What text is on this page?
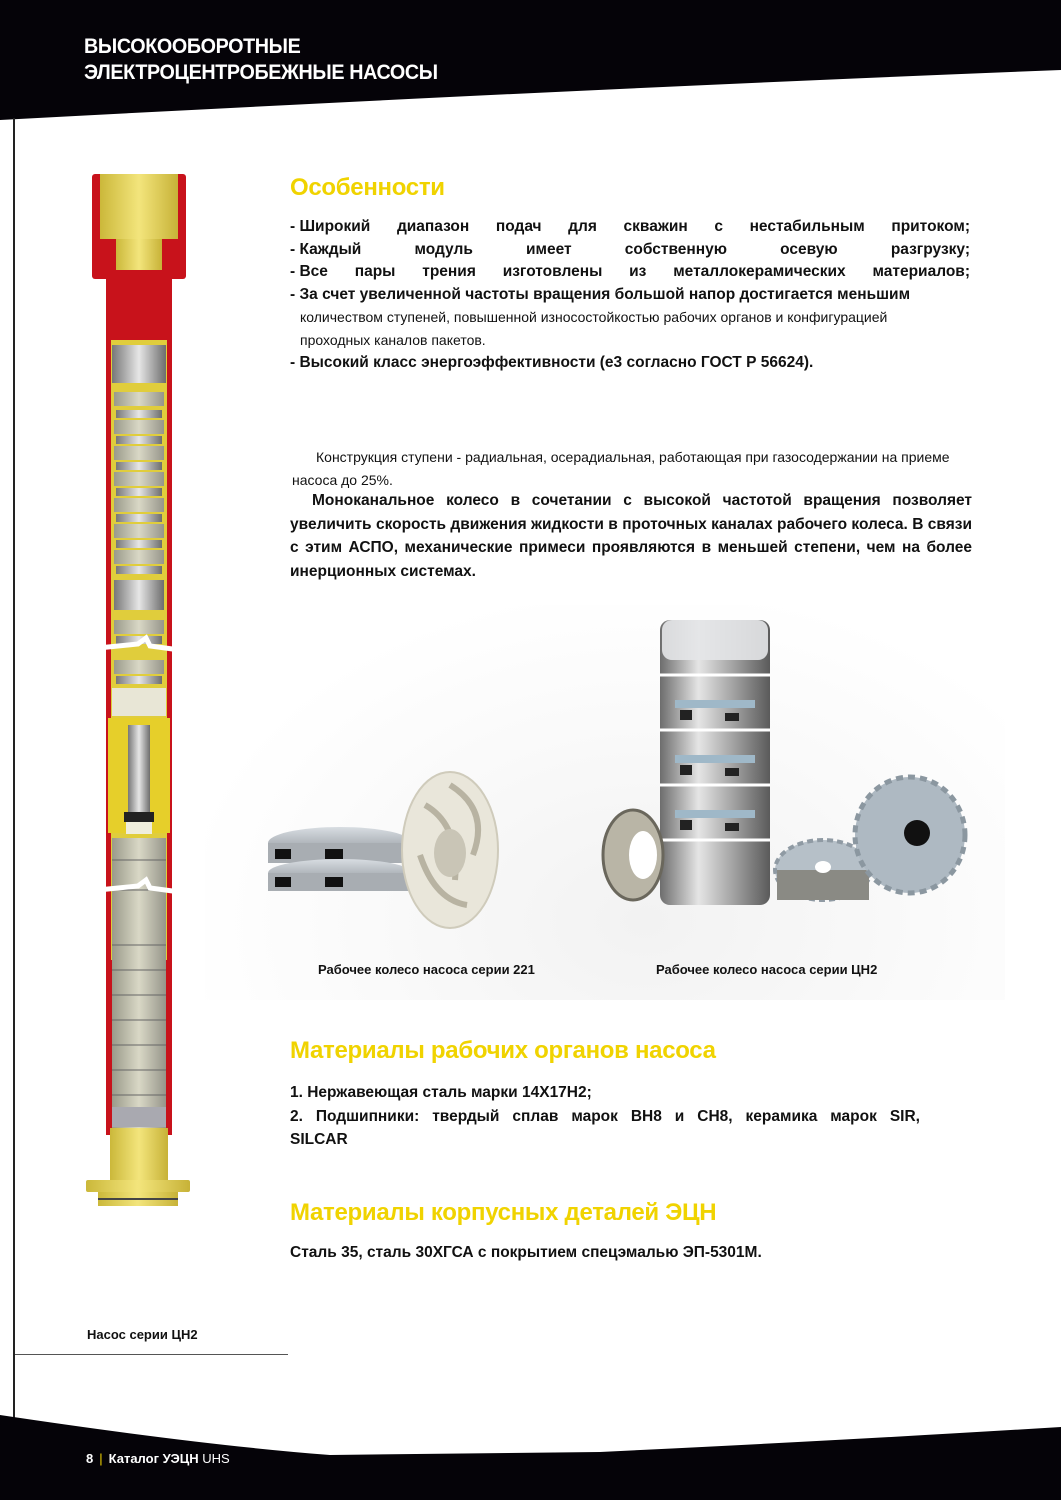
ВЫСОКООБОРОТНЫЕ
ЭЛЕКТРОЦЕНТРОБЕЖНЫЕ НАСОСЫ
Насос серии ЦН2
Особенности
- Широкий диапазон подач для скважин с нестабильным притоком;
- Каждый	модуль	имеет	собственную	осевую	разгрузку;
- Все пары трения изготовлены из металлокерамических материалов;
- За счет увеличенной частоты вращения большой напор достигается меньшим
количеством ступеней, повышенной износостойкостью рабочих органов и конфигурацией
проходных каналов пакетов.
- Высокий класс энергоэффективности (е3 согласно ГОСТ Р 56624).
Конструкция ступени - радиальная, осерадиальная, работающая при газосодержании на приеме насоса до 25%.
Моноканальное колесо в сочетании с высокой частотой вращения позволяет увеличить скорость движения жидкости в проточных каналах рабочего колеса. В связи с этим АСПО, механические примеси проявляются в меньшей степени, чем на более инерционных системах.
Рабочее колесо насоса серии 221	Рабочее колесо насоса серии ЦН2
Материалы рабочих органов насоса
1. Нержавеющая сталь марки 14Х17Н2;
2. Подшипники: твердый сплав марок ВН8 и СН8, керамика марок SIR,
SILCAR
Материалы корпусных деталей ЭЦН
Сталь 35, сталь 30ХГСА с покрытием спецэмалью ЭП-5301М.
8 | Каталог УЭЦН UHS
